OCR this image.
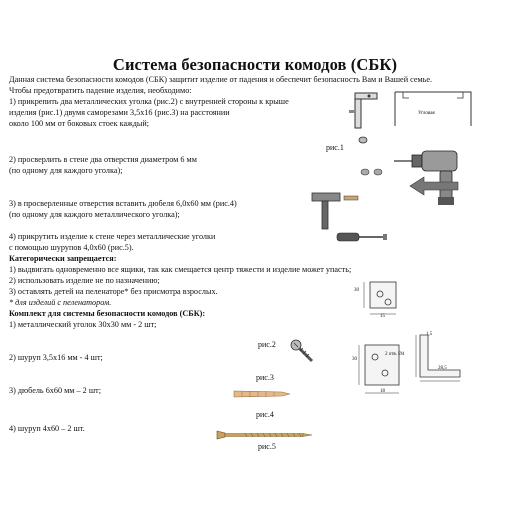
Система безопасности комодов (СБК)
Данная система безопасности комодов (СБК) защитит изделие от падения и обеспечит безопасность Вам и Вашей семье.
Чтобы предотвратить падение изделия, необходимо:
1) прикрепить два металлических уголка (рис.2) с внутренней стороны к крыше
изделия (рис.1) двумя саморезами 3,5х16 (рис.3) на расстоянии
около 100 мм от боковых стоек каждый;
2) просверлить в стене два отверстия диаметром 6 мм
(по одному для каждого уголка);
3) в просверленные отверстия вставить дюбеля 6,0х60 мм (рис.4)
(по одному для каждого металлического уголка);
4) прикрутить изделие к стене через металлические уголки
с помощью шурупов 4,0х60 (рис.5).
Категорически запрещается:
1) выдвигать одновременно все ящики, так как смещается центр тяжести и изделие может упасть;
2) использовать изделие не по назначению;
3) оставлять детей на пеленаторе* без присмотра взрослых.
* для изделий с пеленатором.
Комплект для системы безопасности комодов (СБК):
1) металлический уголок 30х30 мм - 2 шт;
2) шуруп 3,5х16 мм - 4 шт;
3) дюбель 6х60 мм – 2 шт;
4) шуруп 4х60 – 2 шт.
Угловая
рис.1
30
15
1,5
28,5
30
18
2 отв. Ø4
рис.2
рис.3
рис.4
рис.5
